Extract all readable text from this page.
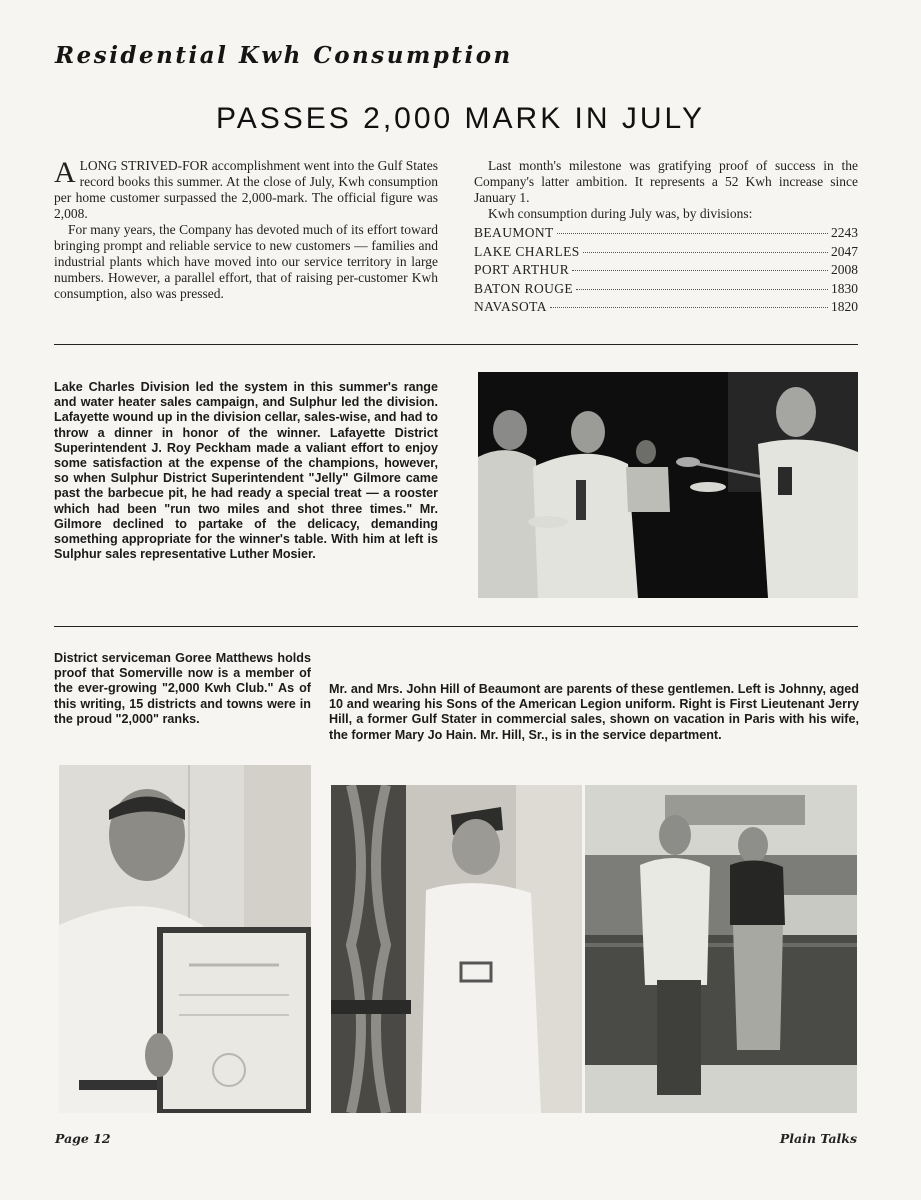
Residential Kwh Consumption
PASSES 2,000 MARK IN JULY

ALONG STRIVED-FOR accomplishment went into the Gulf States record books this summer. At the close of July, Kwh consumption per home customer surpassed the 2,000-mark. The official figure was 2,008.

For many years, the Company has devoted much of its effort toward bringing prompt and reliable service to new customers — families and industrial plants which have moved into our service territory in large numbers. However, a parallel effort, that of raising per-customer Kwh consumption, also was pressed.

Last month's milestone was gratifying proof of success in the Company's latter ambition. It represents a 52 Kwh increase since January 1.

Kwh consumption during July was, by divisions:

BEAUMONT	2243
LAKE CHARLES	2047
PORT ARTHUR	2008
BATON ROUGE	1830
NAVASOTA	1820
Lake Charles Division led the system in this summer's range and water heater sales campaign, and Sulphur led the division. Lafayette wound up in the division cellar, sales-wise, and had to throw a dinner in honor of the winner. Lafayette District Superintendent J. Roy Peckham made a valiant effort to enjoy some satisfaction at the expense of the champions, however, so when Sulphur District Superintendent "Jelly" Gilmore came past the barbecue pit, he had ready a special treat — a rooster which had been "run two miles and shot three times." Mr. Gilmore declined to partake of the delicacy, demanding something appropriate for the winner's table. With him at left is Sulphur sales representative Luther Mosier.
District serviceman Goree Matthews holds proof that Somerville now is a member of the ever-growing "2,000 Kwh Club." As of this writing, 15 districts and towns were in the proud "2,000" ranks.
Mr. and Mrs. John Hill of Beaumont are parents of these gentlemen. Left is Johnny, aged 10 and wearing his Sons of the American Legion uniform. Right is First Lieutenant Jerry Hill, a former Gulf Stater in commercial sales, shown on vacation in Paris with his wife, the former Mary Jo Hain. Mr. Hill, Sr., is in the service department.
Page 12	Plain Talks
